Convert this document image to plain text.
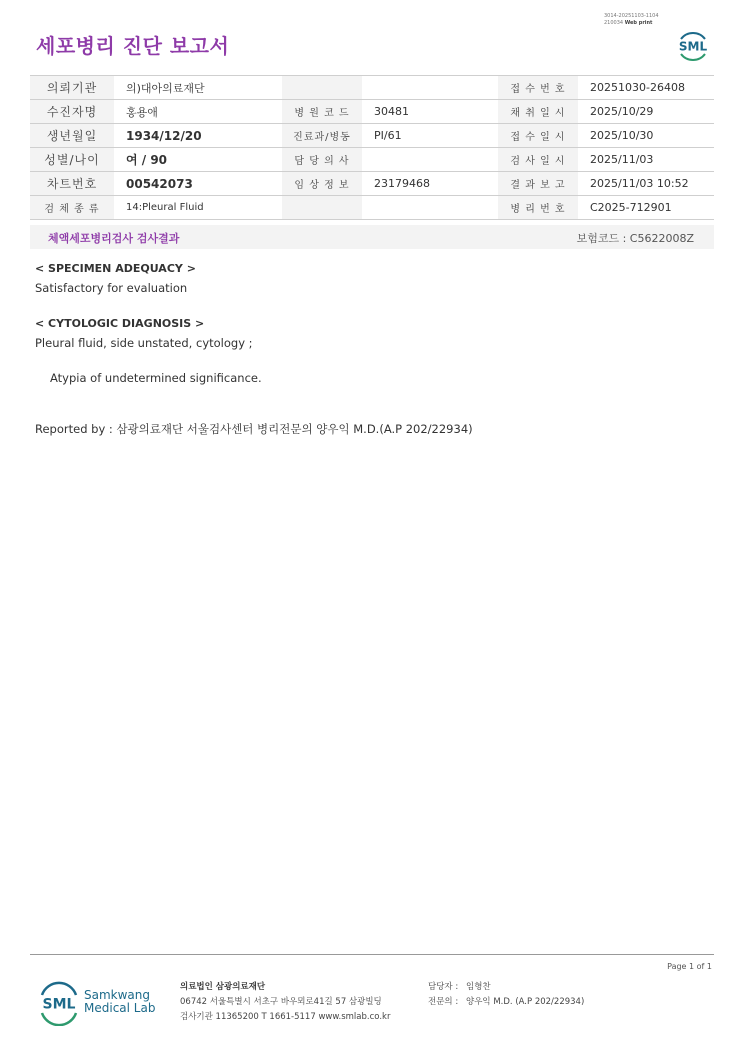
3014-20251103-1104
210034 Web print
세포병리 진단 보고서	SML
의뢰기관	의)대아의료재단			접 수 번 호	20251030-26408
수진자명	홍용애	병 원 코 드	30481	채 취 일 시	2025/10/29
생년월일	1934/12/20	진료과/병동	PI/61	접 수 일 시	2025/10/30
성별/나이	여 / 90	담 당 의 사		검 사 일 시	2025/11/03
차트번호	00542073	임 상 정 보	23179468	결 과 보 고	2025/11/03 10:52
검 체 종 류	14:Pleural Fluid			병 리 번 호	C2025-712901
체액세포병리검사 검사결과	보험코드 : C5622008Z

< SPECIMEN ADEQUACY >

Satisfactory for evaluation

< CYTOLOGIC DIAGNOSIS >

Pleural fluid, side unstated, cytology ;

Atypia of undetermined significance.

Reported by : 삼광의료재단 서울검사센터 병리전문의 양우익 M.D.(A.P 202/22934)

Page 1 of 1
SML
Samkwang
Medical Lab
의료법인 삼광의료재단
06742 서울특별시 서초구 바우뫼로41길 57 삼광빌딩
검사기관 11365200 T 1661-5117 www.smlab.co.kr
담당자 : 임형찬
전문의 : 양우익 M.D. (A.P 202/22934)
